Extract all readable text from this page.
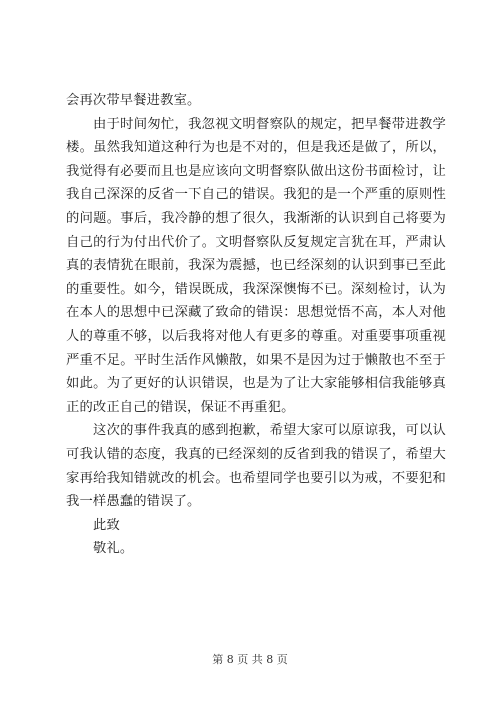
会再次带早餐进教室。
由于时间匆忙，我忽视文明督察队的规定，把早餐带进教学
楼。虽然我知道这种行为也是不对的，但是我还是做了，所以，
我觉得有必要而且也是应该向文明督察队做出这份书面检讨，让
我自己深深的反省一下自己的错误。我犯的是一个严重的原则性
的问题。事后，我冷静的想了很久，我渐渐的认识到自己将要为
自己的行为付出代价了。文明督察队反复规定言犹在耳，严肃认
真的表情犹在眼前，我深为震撼，也已经深刻的认识到事已至此
的重要性。如今，错误既成，我深深懊悔不已。深刻检讨，认为
在本人的思想中已深藏了致命的错误：思想觉悟不高，本人对他
人的尊重不够，以后我将对他人有更多的尊重。对重要事项重视
严重不足。平时生活作风懒散，如果不是因为过于懒散也不至于
如此。为了更好的认识错误，也是为了让大家能够相信我能够真
正的改正自己的错误，保证不再重犯。
这次的事件我真的感到抱歉，希望大家可以原谅我，可以认
可我认错的态度，我真的已经深刻的反省到我的错误了，希望大
家再给我知错就改的机会。也希望同学也要引以为戒，不要犯和
我一样愚蠢的错误了。
此致
敬礼。
第 8 页 共 8 页
